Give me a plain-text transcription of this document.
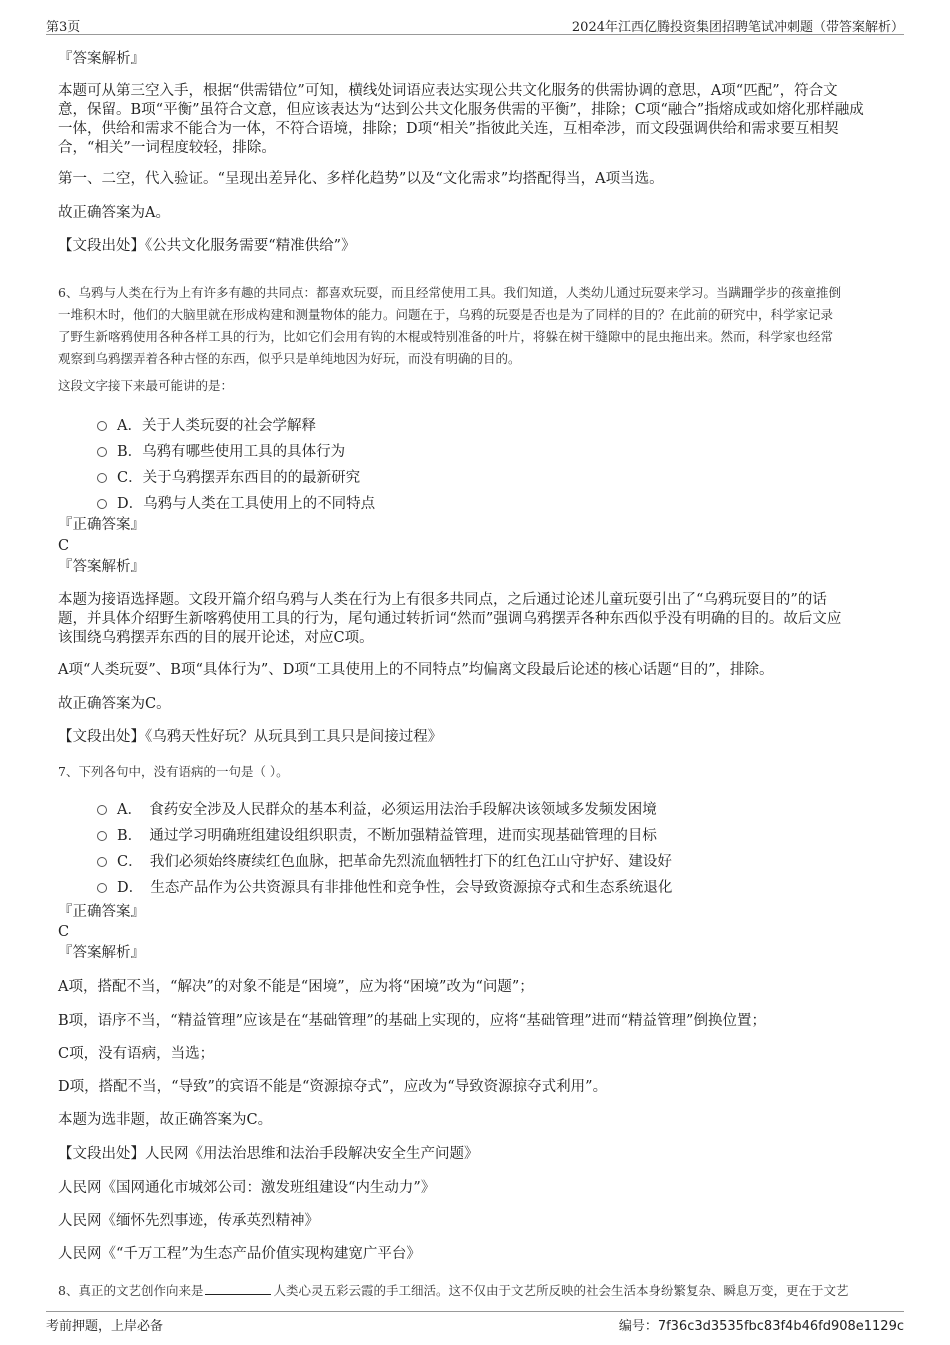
第3页	2024年江西亿腾投资集团招聘笔试冲刺题（带答案解析）
『答案解析』
本题可从第三空入手，根据“供需错位”可知，横线处词语应表达实现公共文化服务的供需协调的意思，A项“匹配”，符合文
意，保留。B项“平衡”虽符合文意，但应该表达为“达到公共文化服务供需的平衡”，排除；C项“融合”指熔成或如熔化那样融成
一体，供给和需求不能合为一体，不符合语境，排除；D项“相关”指彼此关连，互相牵涉，而文段强调供给和需求要互相契
合，“相关”一词程度较轻，排除。
第一、二空，代入验证。“呈现出差异化、多样化趋势”以及“文化需求”均搭配得当，A项当选。
故正确答案为A。
【文段出处】《公共文化服务需要“精准供给”》
6、乌鸦与人类在行为上有许多有趣的共同点：都喜欢玩耍，而且经常使用工具。我们知道，人类幼儿通过玩耍来学习。当蹒跚学步的孩童推倒
一堆积木时，他们的大脑里就在形成构建和测量物体的能力。问题在于，乌鸦的玩耍是否也是为了同样的目的？在此前的研究中，科学家记录
了野生新喀鸦使用各种各样工具的行为，比如它们会用有钩的木棍或特别准备的叶片，将躲在树干缝隙中的昆虫拖出来。然而，科学家也经常
观察到乌鸦摆弄着各种古怪的东西，似乎只是单纯地因为好玩，而没有明确的目的。
这段文字接下来最可能讲的是：
A．关于人类玩耍的社会学解释
B．乌鸦有哪些使用工具的具体行为
C．关于乌鸦摆弄东西目的的最新研究
D．乌鸦与人类在工具使用上的不同特点
『正确答案』
C
『答案解析』
本题为接语选择题。文段开篇介绍乌鸦与人类在行为上有很多共同点，之后通过论述儿童玩耍引出了“乌鸦玩耍目的”的话
题，并具体介绍野生新喀鸦使用工具的行为，尾句通过转折词“然而”强调乌鸦摆弄各种东西似乎没有明确的目的。故后文应
该围绕乌鸦摆弄东西的目的展开论述，对应C项。
A项“人类玩耍”、B项“具体行为”、D项“工具使用上的不同特点”均偏离文段最后论述的核心话题“目的”，排除。
故正确答案为C。
【文段出处】《乌鸦天性好玩？从玩具到工具只是间接过程》
7、下列各句中，没有语病的一句是（ ）。
A．　食药安全涉及人民群众的基本利益，必须运用法治手段解决该领域多发频发困境
B．　通过学习明确班组建设组织职责，不断加强精益管理，进而实现基础管理的目标
C．　我们必须始终赓续红色血脉，把革命先烈流血牺牲打下的红色江山守护好、建设好
D．　生态产品作为公共资源具有非排他性和竞争性，会导致资源掠夺式和生态系统退化
『正确答案』
C
『答案解析』
A项，搭配不当，“解决”的对象不能是“困境”，应为将“困境”改为“问题”；
B项，语序不当，“精益管理”应该是在“基础管理”的基础上实现的，应将“基础管理”进而“精益管理”倒换位置；
C项，没有语病，当选；
D项，搭配不当，“导致”的宾语不能是“资源掠夺式”，应改为“导致资源掠夺式利用”。
本题为选非题，故正确答案为C。
【文段出处】人民网《用法治思维和法治手段解决安全生产问题》
人民网《国网通化市城郊公司：激发班组建设“内生动力”》
人民网《缅怀先烈事迹，传承英烈精神》
人民网《“千万工程”为生态产品价值实现构建宽广平台》
8、真正的文艺创作向来是	人类心灵五彩云霞的手工细活。这不仅由于文艺所反映的社会生活本身纷繁复杂、瞬息万变，更在于文艺
考前押题，上岸必备	编号：7f36c3d3535fbc83f4b46fd908e1129c
